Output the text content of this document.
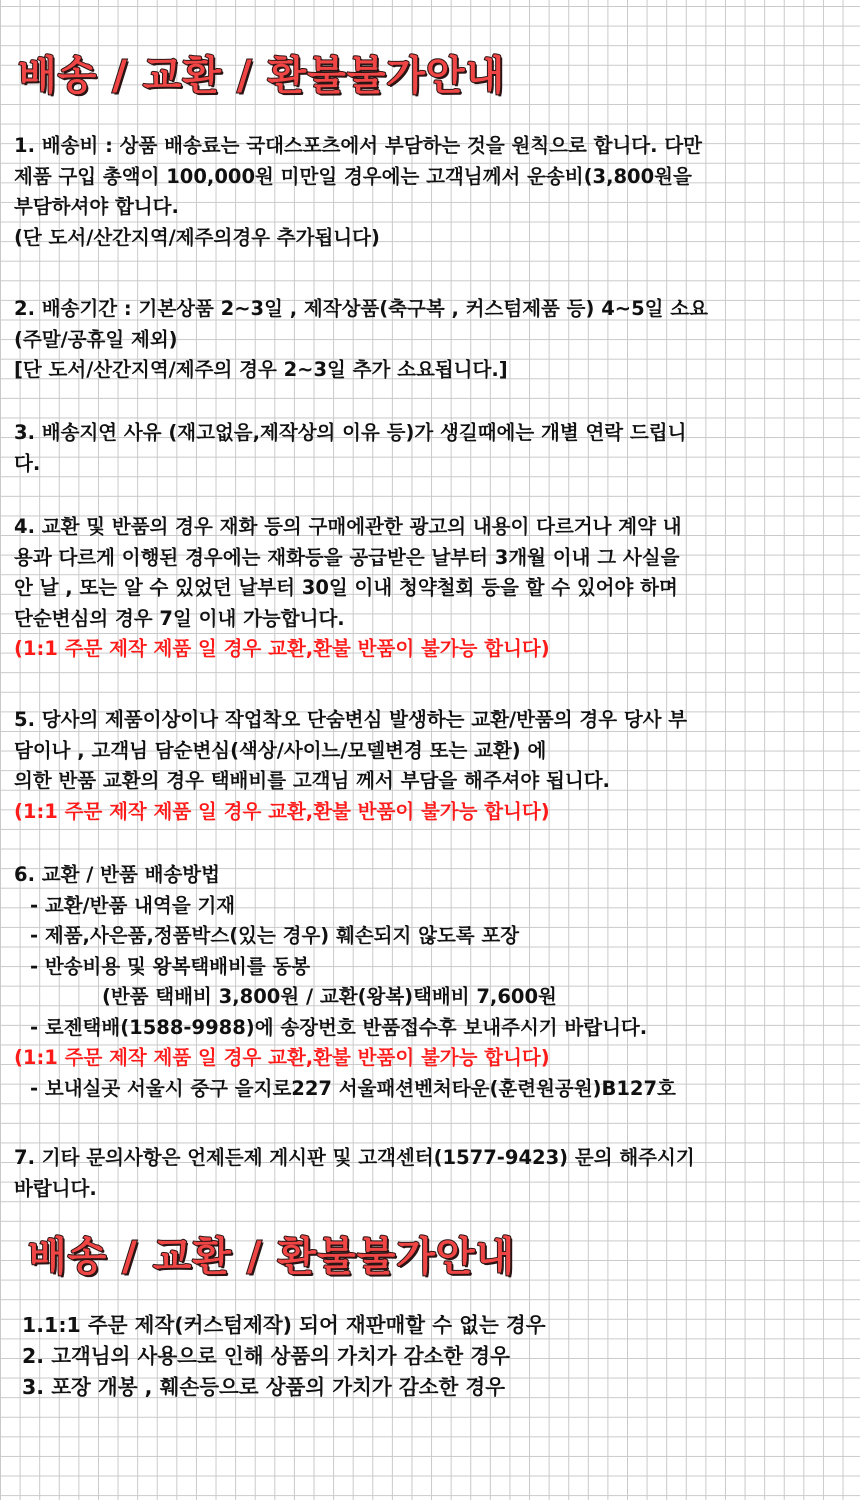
배송 / 교환 / 환불불가안내

1. 배송비 : 상품 배송료는 국대스포츠에서 부담하는 것을 원칙으로 합니다. 다만

제품 구입 총액이 100,000원 미만일 경우에는 고객님께서 운송비(3,800원을

부담하셔야 합니다.

(단 도서/산간지역/제주의경우 추가됩니다)

2. 배송기간 : 기본상품 2~3일 , 제작상품(축구복 , 커스텀제품 등) 4~5일 소요

(주말/공휴일 제외)

[단 도서/산간지역/제주의 경우 2~3일 추가 소요됩니다.]

3. 배송지연 사유 (재고없음,제작상의 이유 등)가 생길때에는 개별 연락 드립니

다.

4. 교환 및 반품의 경우 재화 등의 구매에관한 광고의 내용이 다르거나 계약 내

용과 다르게 이행된 경우에는 재화등을 공급받은 날부터 3개월 이내 그 사실을

안 날 , 또는 알 수 있었던 날부터 30일 이내 청약철회 등을 할 수 있어야 하며

단순변심의 경우 7일 이내 가능합니다.

(1:1 주문 제작 제품 일 경우 교환,환불 반품이 불가능 합니다)

5. 당사의 제품이상이나 작업착오 단숨변심 발생하는 교환/반품의 경우 당사 부

담이나 , 고객님 담순변심(색상/사이느/모델변경 또는 교환) 에

의한 반품 교환의 경우 택배비를 고객님 께서 부담을 해주셔야 됩니다.

(1:1 주문 제작 제품 일 경우 교환,환불 반품이 불가능 합니다)

6. 교환 / 반품 배송방법

- 교환/반품 내역을 기재

- 제품,사은품,정품박스(있는 경우) 훼손되지 않도록 포장

- 반송비용 및 왕복택배비를 동봉

(반품 택배비 3,800원 / 교환(왕복)택배비 7,600원

- 로젠택배(1588-9988)에 송장번호 반품접수후 보내주시기 바랍니다.

(1:1 주문 제작 제품 일 경우 교환,환불 반품이 불가능 합니다)

- 보내실곳 서울시 중구 을지로227 서울패션벤처타운(훈련원공원)B127호

7. 기타 문의사항은 언제든제 게시판 및 고객센터(1577-9423) 문의 해주시기

바랍니다.

배송 / 교환 / 환불불가안내

1.1:1 주문 제작(커스텀제작) 되어 재판매할 수 없는 경우

2. 고객님의 사용으로 인해 상품의 가치가 감소한 경우

3. 포장 개봉 , 훼손등으로 상품의 가치가 감소한 경우
